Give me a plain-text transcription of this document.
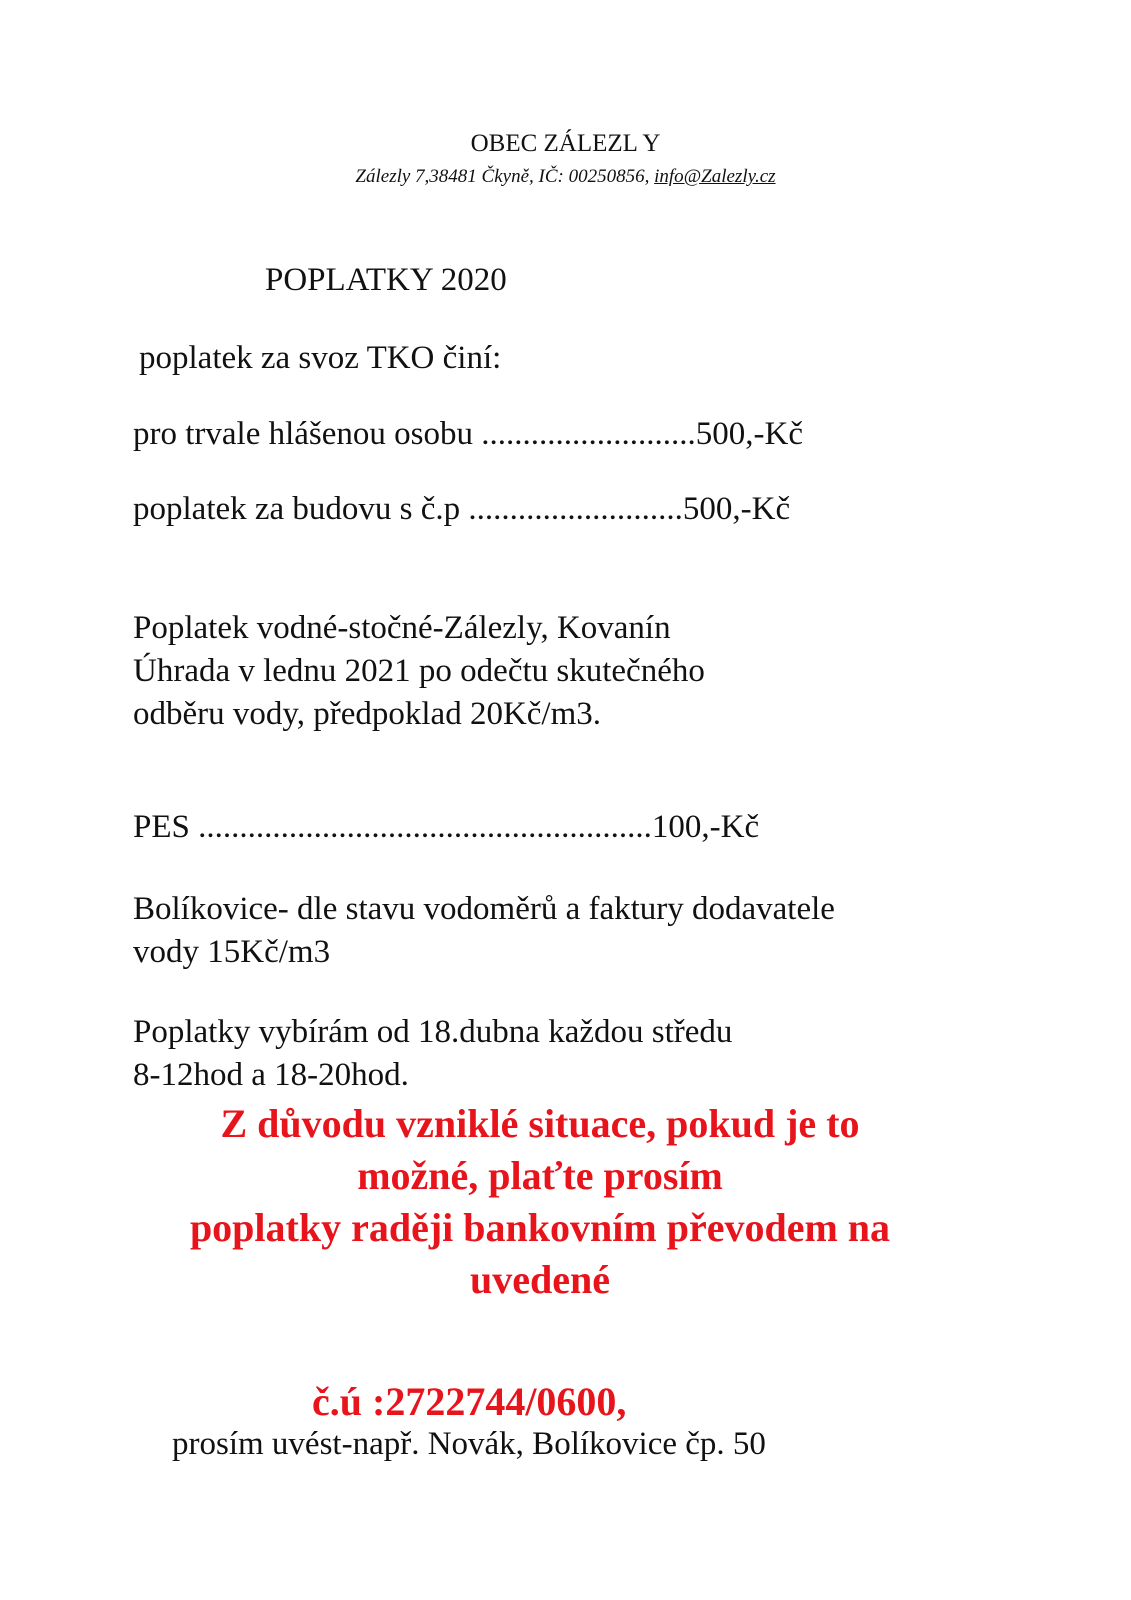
OBEC ZÁLEZL Y
Zálezly 7,38481 Čkyně, IČ: 00250856, info@Zalezly.cz
POPLATKY 2020
poplatek za svoz TKO činí:
pro trvale hlášenou osobu ..........................500,-Kč
poplatek za budovu s č.p ..........................500,-Kč
Poplatek vodné-stočné-Zálezly, Kovanín
Úhrada v lednu 2021 po odečtu skutečného
odběru vody, předpoklad 20Kč/m3.
PES .......................................................100,-Kč
Bolíkovice- dle stavu vodoměrů a faktury dodavatele
vody 15Kč/m3
Poplatky vybírám od 18.dubna každou středu
8-12hod a 18-20hod.
Z důvodu vzniklé situace, pokud je to
možné, plaťte prosím
poplatky raději bankovním převodem na
uvedené
č.ú :2722744/0600,
prosím uvést-např. Novák, Bolíkovice čp. 50
